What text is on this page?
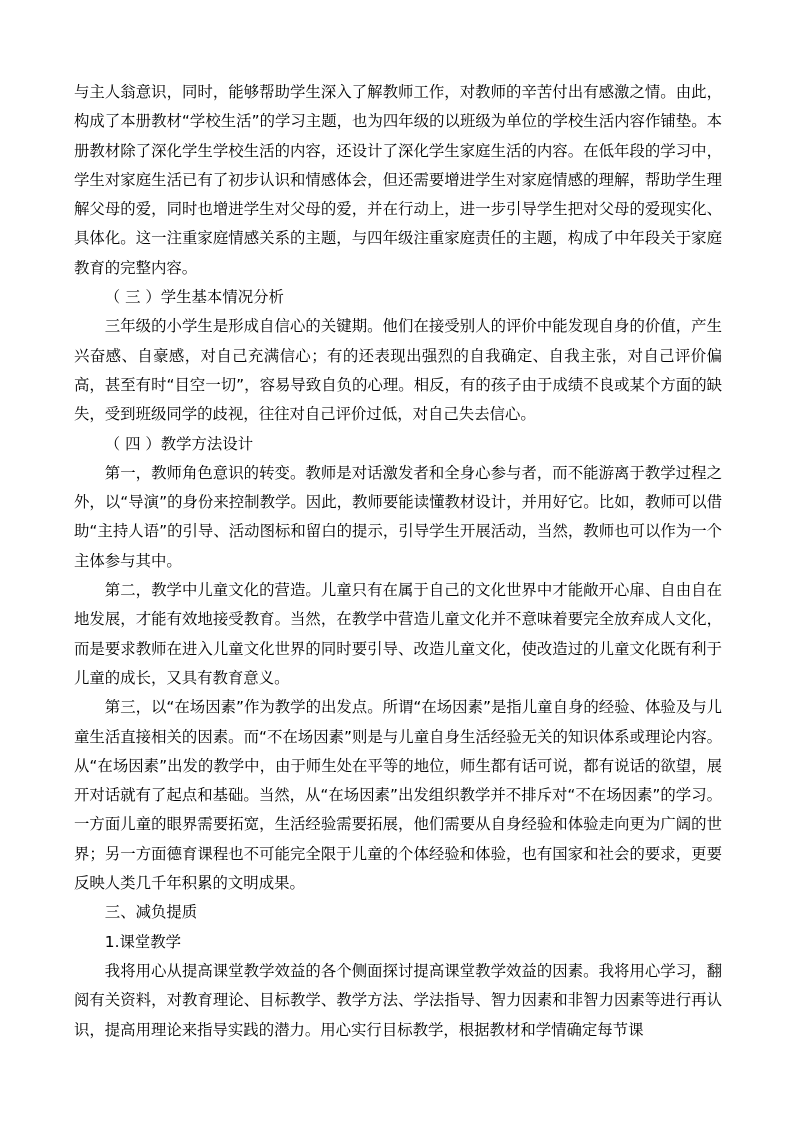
与主人翁意识，同时，能够帮助学生深入了解教师工作，对教师的辛苦付出有感激之情。由此，构成了本册教材“学校生活”的学习主题，也为四年级的以班级为单位的学校生活内容作铺垫。本册教材除了深化学生学校生活的内容，还设计了深化学生家庭生活的内容。在低年段的学习中，学生对家庭生活已有了初步认识和情感体会，但还需要增进学生对家庭情感的理解，帮助学生理解父母的爱，同时也增进学生对父母的爱，并在行动上，进一步引导学生把对父母的爱现实化、具体化。这一注重家庭情感关系的主题，与四年级注重家庭责任的主题，构成了中年段关于家庭教育的完整内容。

（ 三 ）学生基本情况分析

三年级的小学生是形成自信心的关键期。他们在接受别人的评价中能发现自身的价值，产生兴奋感、自豪感，对自己充满信心；有的还表现出强烈的自我确定、自我主张，对自己评价偏高，甚至有时“目空一切”，容易导致自负的心理。相反，有的孩子由于成绩不良或某个方面的缺失，受到班级同学的歧视，往往对自己评价过低，对自己失去信心。

（ 四 ）教学方法设计

第一，教师角色意识的转变。教师是对话激发者和全身心参与者，而不能游离于教学过程之外，以“导演”的身份来控制教学。因此，教师要能读懂教材设计，并用好它。比如，教师可以借助“主持人语”的引导、活动图标和留白的提示，引导学生开展活动，当然，教师也可以作为一个主体参与其中。

第二，教学中儿童文化的营造。儿童只有在属于自己的文化世界中才能敞开心扉、自由自在地发展，才能有效地接受教育。当然，在教学中营造儿童文化并不意味着要完全放弃成人文化，而是要求教师在进入儿童文化世界的同时要引导、改造儿童文化，使改造过的儿童文化既有利于儿童的成长，又具有教育意义。

第三，以“在场因素”作为教学的出发点。所谓“在场因素”是指儿童自身的经验、体验及与儿童生活直接相关的因素。而“不在场因素”则是与儿童自身生活经验无关的知识体系或理论内容。从“在场因素”出发的教学中，由于师生处在平等的地位，师生都有话可说，都有说话的欲望，展开对话就有了起点和基础。当然，从“在场因素”出发组织教学并不排斥对“不在场因素”的学习。一方面儿童的眼界需要拓宽，生活经验需要拓展，他们需要从自身经验和体验走向更为广阔的世界；另一方面德育课程也不可能完全限于儿童的个体经验和体验，也有国家和社会的要求，更要反映人类几千年积累的文明成果。

三、减负提质

1.课堂教学

我将用心从提高课堂教学效益的各个侧面探讨提高课堂教学效益的因素。我将用心学习，翻阅有关资料，对教育理论、目标教学、教学方法、学法指导、智力因素和非智力因素等进行再认识，提高用理论来指导实践的潜力。用心实行目标教学，根据教材和学情确定每节课
